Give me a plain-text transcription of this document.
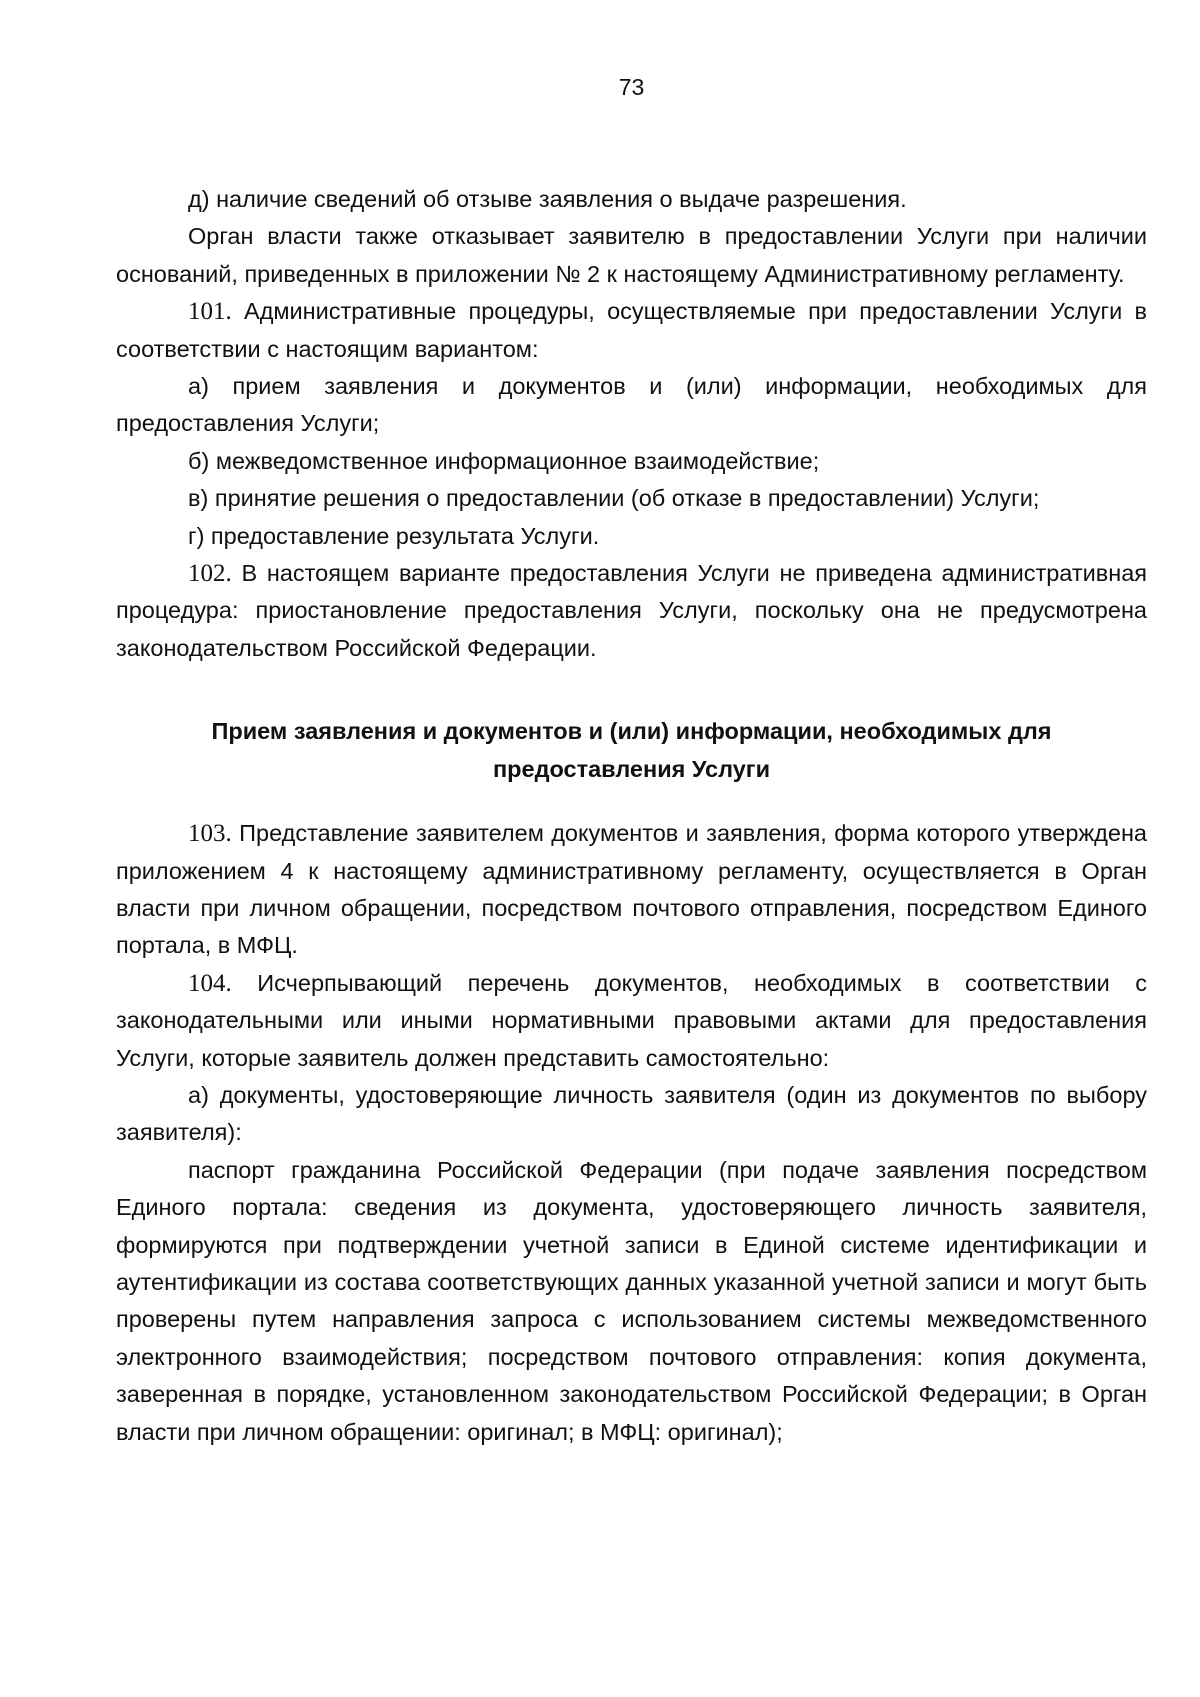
73

д) наличие сведений об отзыве заявления о выдаче разрешения.

Орган власти также отказывает заявителю в предоставлении Услуги при наличии оснований, приведенных в приложении № 2 к настоящему Административному регламенту.

101. Административные процедуры, осуществляемые при предоставлении Услуги в соответствии с настоящим вариантом:

а) прием заявления и документов и (или) информации, необходимых для предоставления Услуги;

б) межведомственное информационное взаимодействие;

в) принятие решения о предоставлении (об отказе в предоставлении) Услуги;

г) предоставление результата Услуги.

102. В настоящем варианте предоставления Услуги не приведена административная процедура: приостановление предоставления Услуги, поскольку она не предусмотрена законодательством Российской Федерации.

Прием заявления и документов и (или) информации, необходимых для предоставления Услуги

103. Представление заявителем документов и заявления, форма которого утверждена приложением 4 к настоящему административному регламенту, осуществляется в Орган власти при личном обращении, посредством почтового отправления, посредством Единого портала, в МФЦ.

104. Исчерпывающий перечень документов, необходимых в соответствии с законодательными или иными нормативными правовыми актами для предоставления Услуги, которые заявитель должен представить самостоятельно:

а) документы, удостоверяющие личность заявителя (один из документов по выбору заявителя):

паспорт гражданина Российской Федерации (при подаче заявления посредством Единого портала: сведения из документа, удостоверяющего личность заявителя, формируются при подтверждении учетной записи в Единой системе идентификации и аутентификации из состава соответствующих данных указанной учетной записи и могут быть проверены путем направления запроса с использованием системы межведомственного электронного взаимодействия; посредством почтового отправления: копия документа, заверенная в порядке, установленном законодательством Российской Федерации; в Орган власти при личном обращении: оригинал; в МФЦ: оригинал);
